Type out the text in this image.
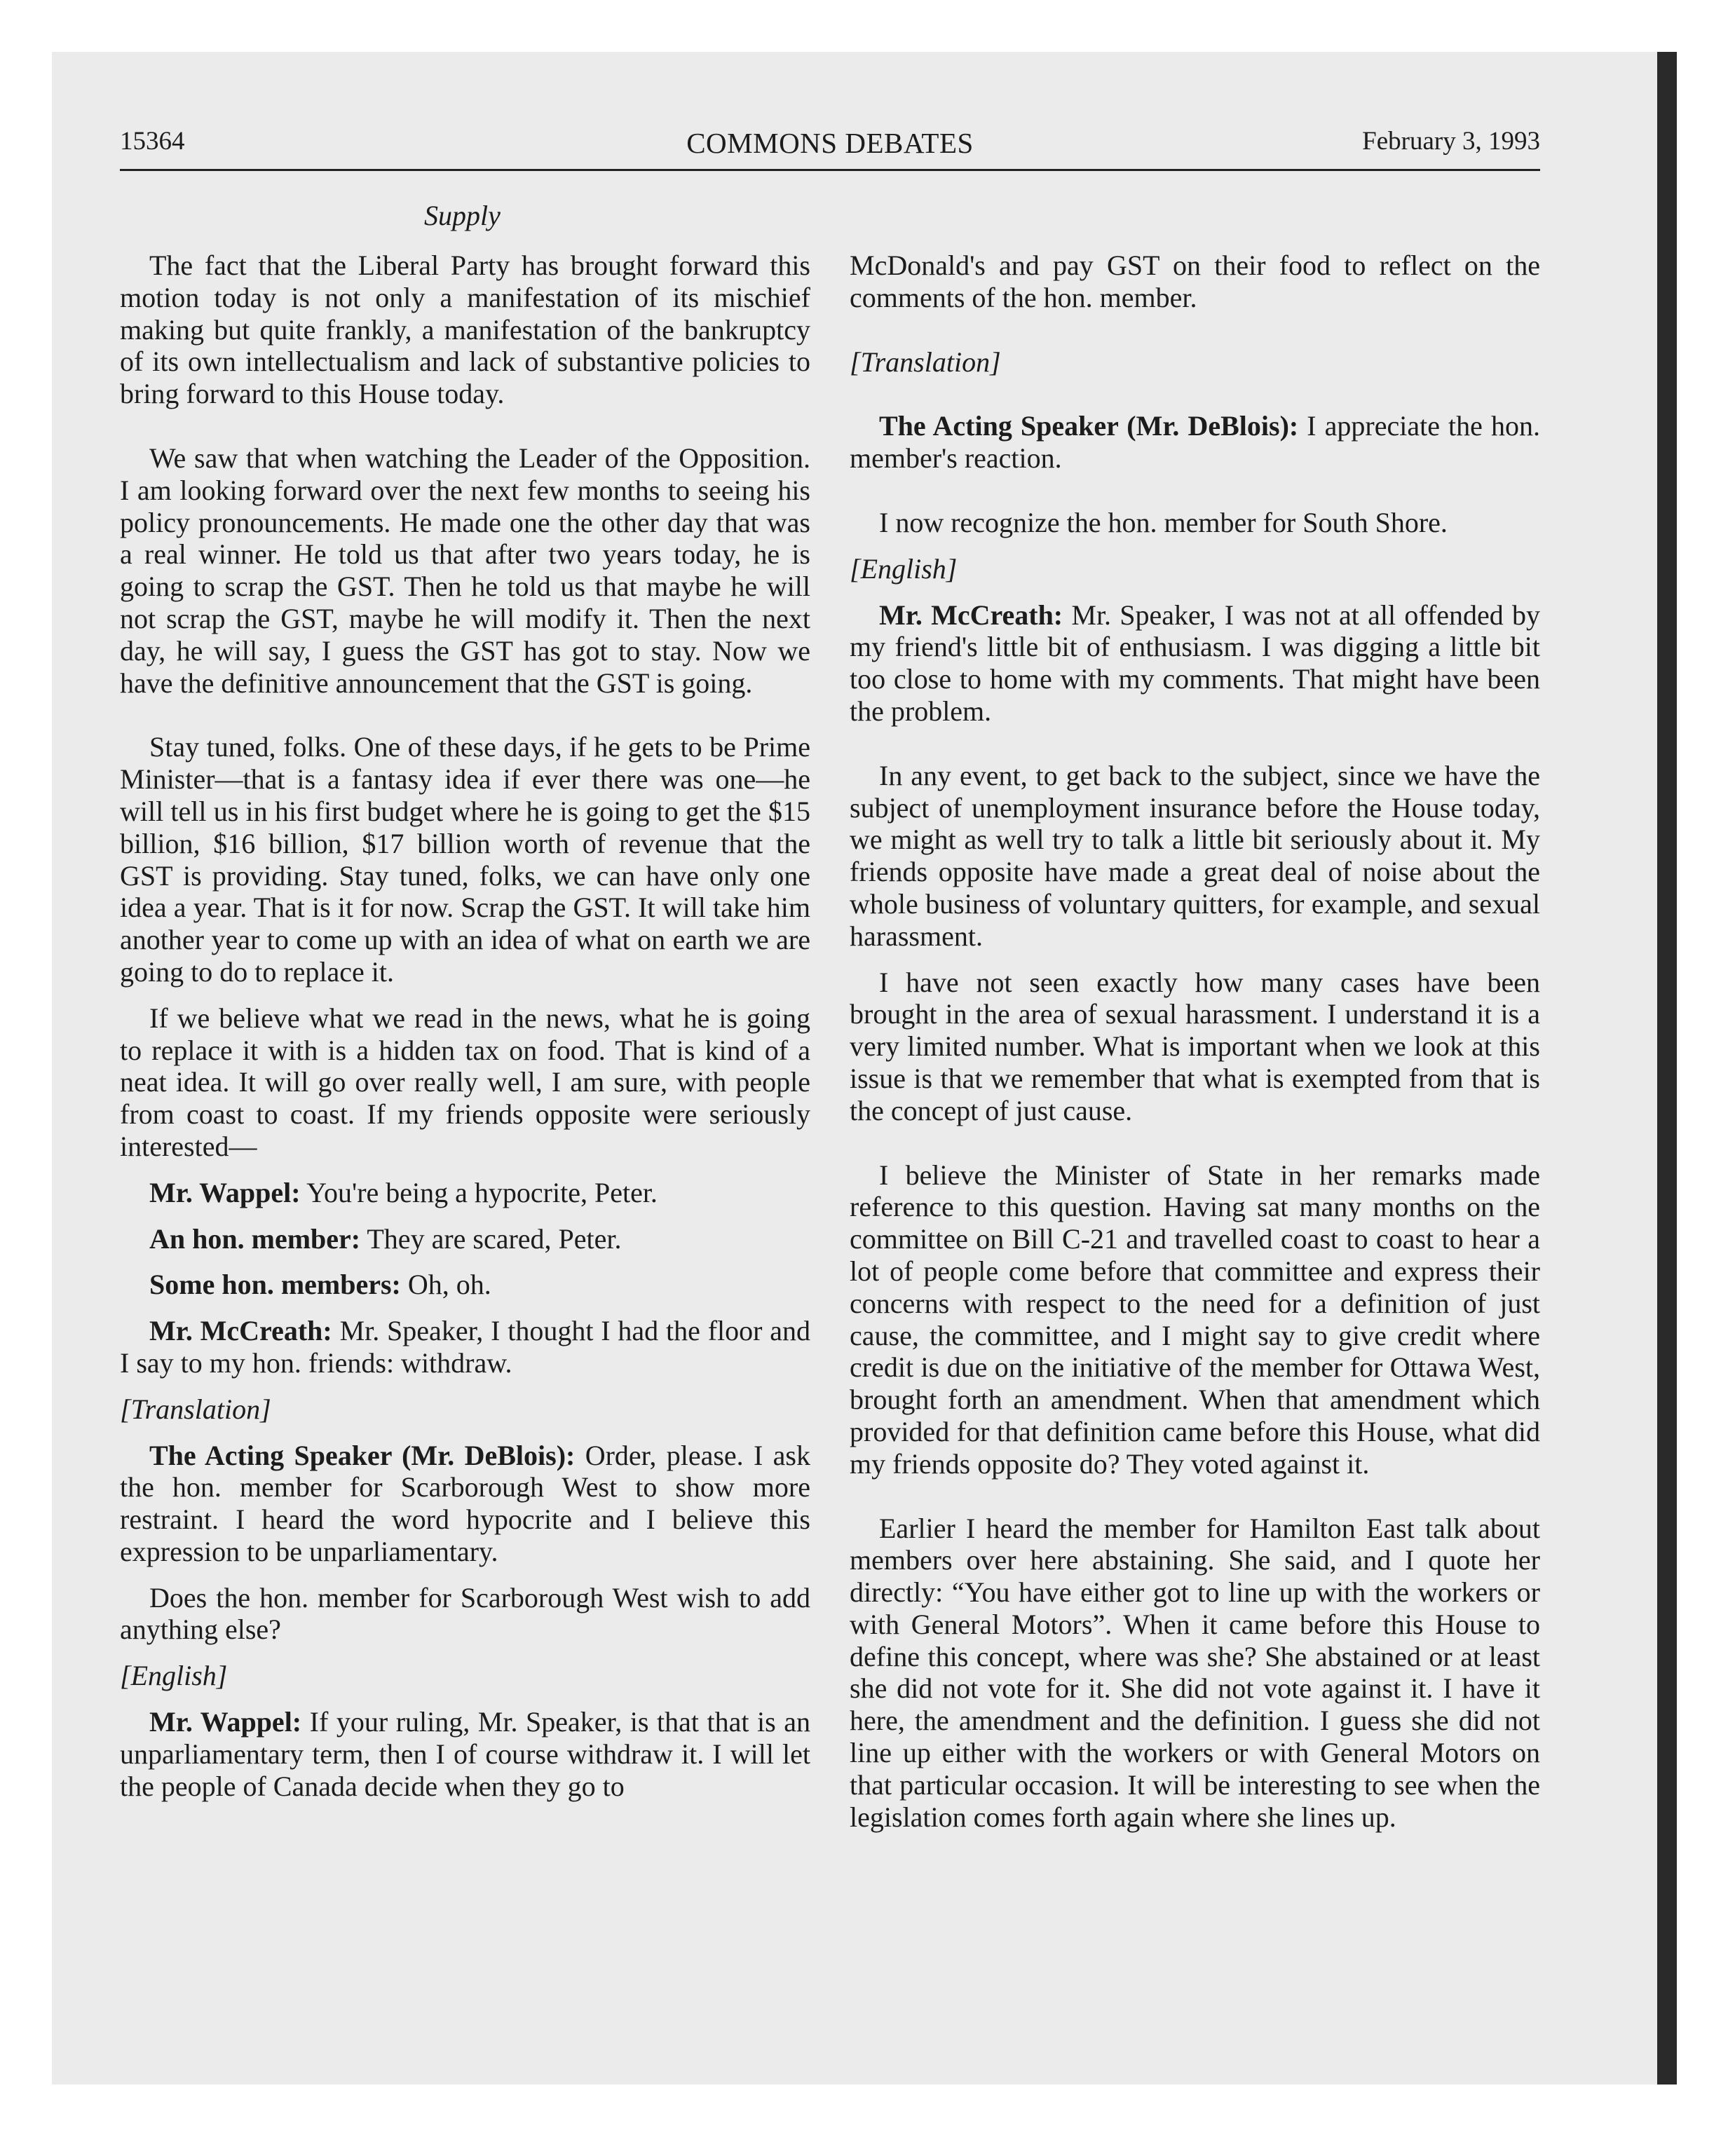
15364	COMMONS DEBATES	February 3, 1993
Supply

The fact that the Liberal Party has brought forward this motion today is not only a manifestation of its mischief making but quite frankly, a manifestation of the bankruptcy of its own intellectualism and lack of substantive policies to bring forward to this House today.

We saw that when watching the Leader of the Opposition. I am looking forward over the next few months to seeing his policy pronouncements. He made one the other day that was a real winner. He told us that after two years today, he is going to scrap the GST. Then he told us that maybe he will not scrap the GST, maybe he will modify it. Then the next day, he will say, I guess the GST has got to stay. Now we have the definitive announcement that the GST is going.

Stay tuned, folks. One of these days, if he gets to be Prime Minister—that is a fantasy idea if ever there was one—he will tell us in his first budget where he is going to get the $15 billion, $16 billion, $17 billion worth of revenue that the GST is providing. Stay tuned, folks, we can have only one idea a year. That is it for now. Scrap the GST. It will take him another year to come up with an idea of what on earth we are going to do to replace it.

If we believe what we read in the news, what he is going to replace it with is a hidden tax on food. That is kind of a neat idea. It will go over really well, I am sure, with people from coast to coast. If my friends opposite were seriously interested—

Mr. Wappel: You're being a hypocrite, Peter.

An hon. member: They are scared, Peter.

Some hon. members: Oh, oh.

Mr. McCreath: Mr. Speaker, I thought I had the floor and I say to my hon. friends: withdraw.

[Translation]

The Acting Speaker (Mr. DeBlois): Order, please. I ask the hon. member for Scarborough West to show more restraint. I heard the word hypocrite and I believe this expression to be unparliamentary.

Does the hon. member for Scarborough West wish to add anything else?

[English]

Mr. Wappel: If your ruling, Mr. Speaker, is that that is an unparliamentary term, then I of course withdraw it. I will let the people of Canada decide when they go to

McDonald's and pay GST on their food to reflect on the comments of the hon. member.

[Translation]

The Acting Speaker (Mr. DeBlois): I appreciate the hon. member's reaction.

I now recognize the hon. member for South Shore.

[English]

Mr. McCreath: Mr. Speaker, I was not at all offended by my friend's little bit of enthusiasm. I was digging a little bit too close to home with my comments. That might have been the problem.

In any event, to get back to the subject, since we have the subject of unemployment insurance before the House today, we might as well try to talk a little bit seriously about it. My friends opposite have made a great deal of noise about the whole business of voluntary quitters, for example, and sexual harassment.

I have not seen exactly how many cases have been brought in the area of sexual harassment. I understand it is a very limited number. What is important when we look at this issue is that we remember that what is exempted from that is the concept of just cause.

I believe the Minister of State in her remarks made reference to this question. Having sat many months on the committee on Bill C-21 and travelled coast to coast to hear a lot of people come before that committee and express their concerns with respect to the need for a definition of just cause, the committee, and I might say to give credit where credit is due on the initiative of the member for Ottawa West, brought forth an amendment. When that amendment which provided for that definition came before this House, what did my friends opposite do? They voted against it.

Earlier I heard the member for Hamilton East talk about members over here abstaining. She said, and I quote her directly: “You have either got to line up with the workers or with General Motors”. When it came before this House to define this concept, where was she? She abstained or at least she did not vote for it. She did not vote against it. I have it here, the amendment and the definition. I guess she did not line up either with the workers or with General Motors on that particular occasion. It will be interesting to see when the legislation comes forth again where she lines up.
